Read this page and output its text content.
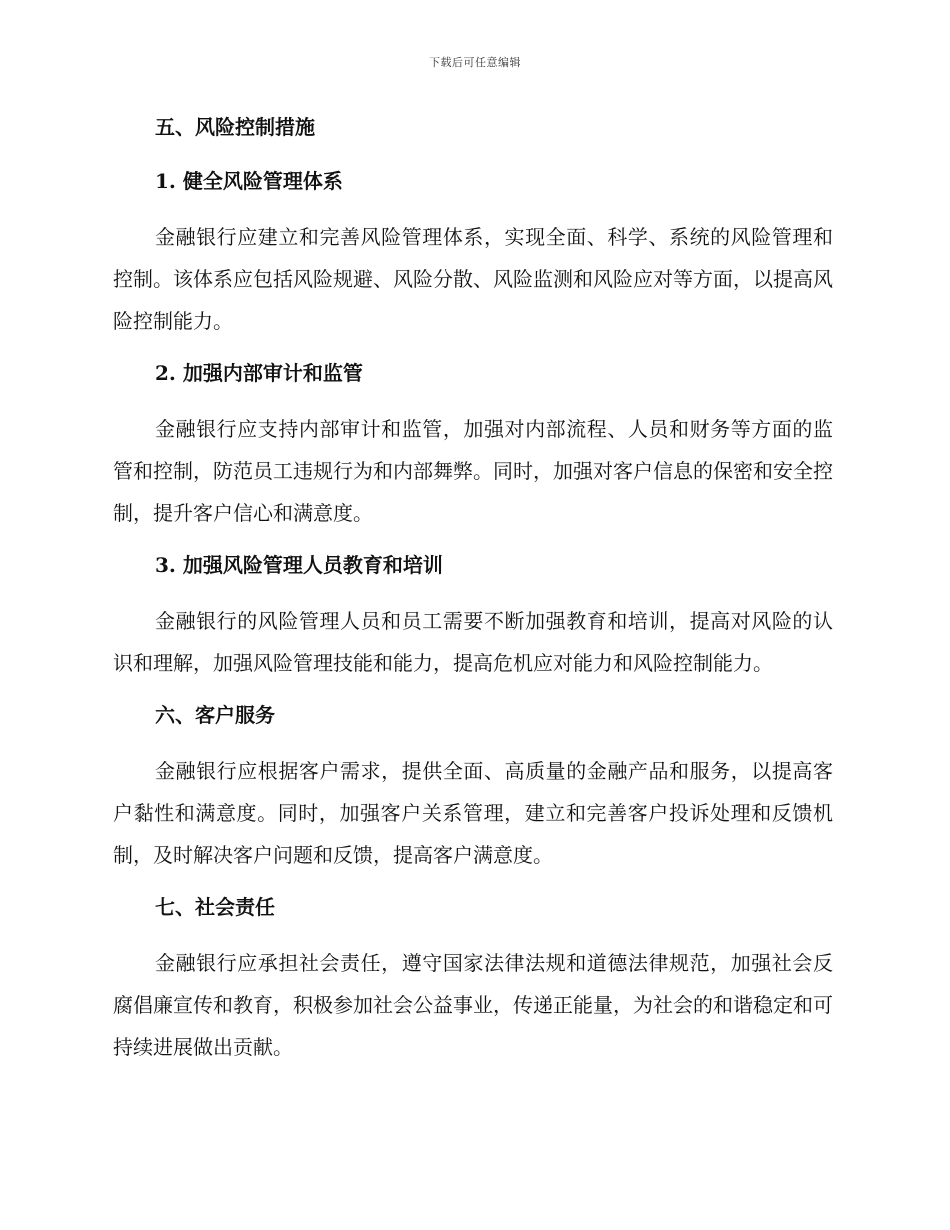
下载后可任意编辑
五、风险控制措施
1. 健全风险管理体系

金融银行应建立和完善风险管理体系，实现全面、科学、系统的风险管理和控制。该体系应包括风险规避、风险分散、风险监测和风险应对等方面，以提高风险控制能力。

2. 加强内部审计和监管

金融银行应支持内部审计和监管，加强对内部流程、人员和财务等方面的监管和控制，防范员工违规行为和内部舞弊。同时，加强对客户信息的保密和安全控制，提升客户信心和满意度。

3. 加强风险管理人员教育和培训

金融银行的风险管理人员和员工需要不断加强教育和培训，提高对风险的认识和理解，加强风险管理技能和能力，提高危机应对能力和风险控制能力。

六、客户服务

金融银行应根据客户需求，提供全面、高质量的金融产品和服务，以提高客户黏性和满意度。同时，加强客户关系管理，建立和完善客户投诉处理和反馈机制，及时解决客户问题和反馈，提高客户满意度。

七、社会责任

金融银行应承担社会责任，遵守国家法律法规和道德法律规范，加强社会反腐倡廉宣传和教育，积极参加社会公益事业，传递正能量，为社会的和谐稳定和可持续进展做出贡献。
